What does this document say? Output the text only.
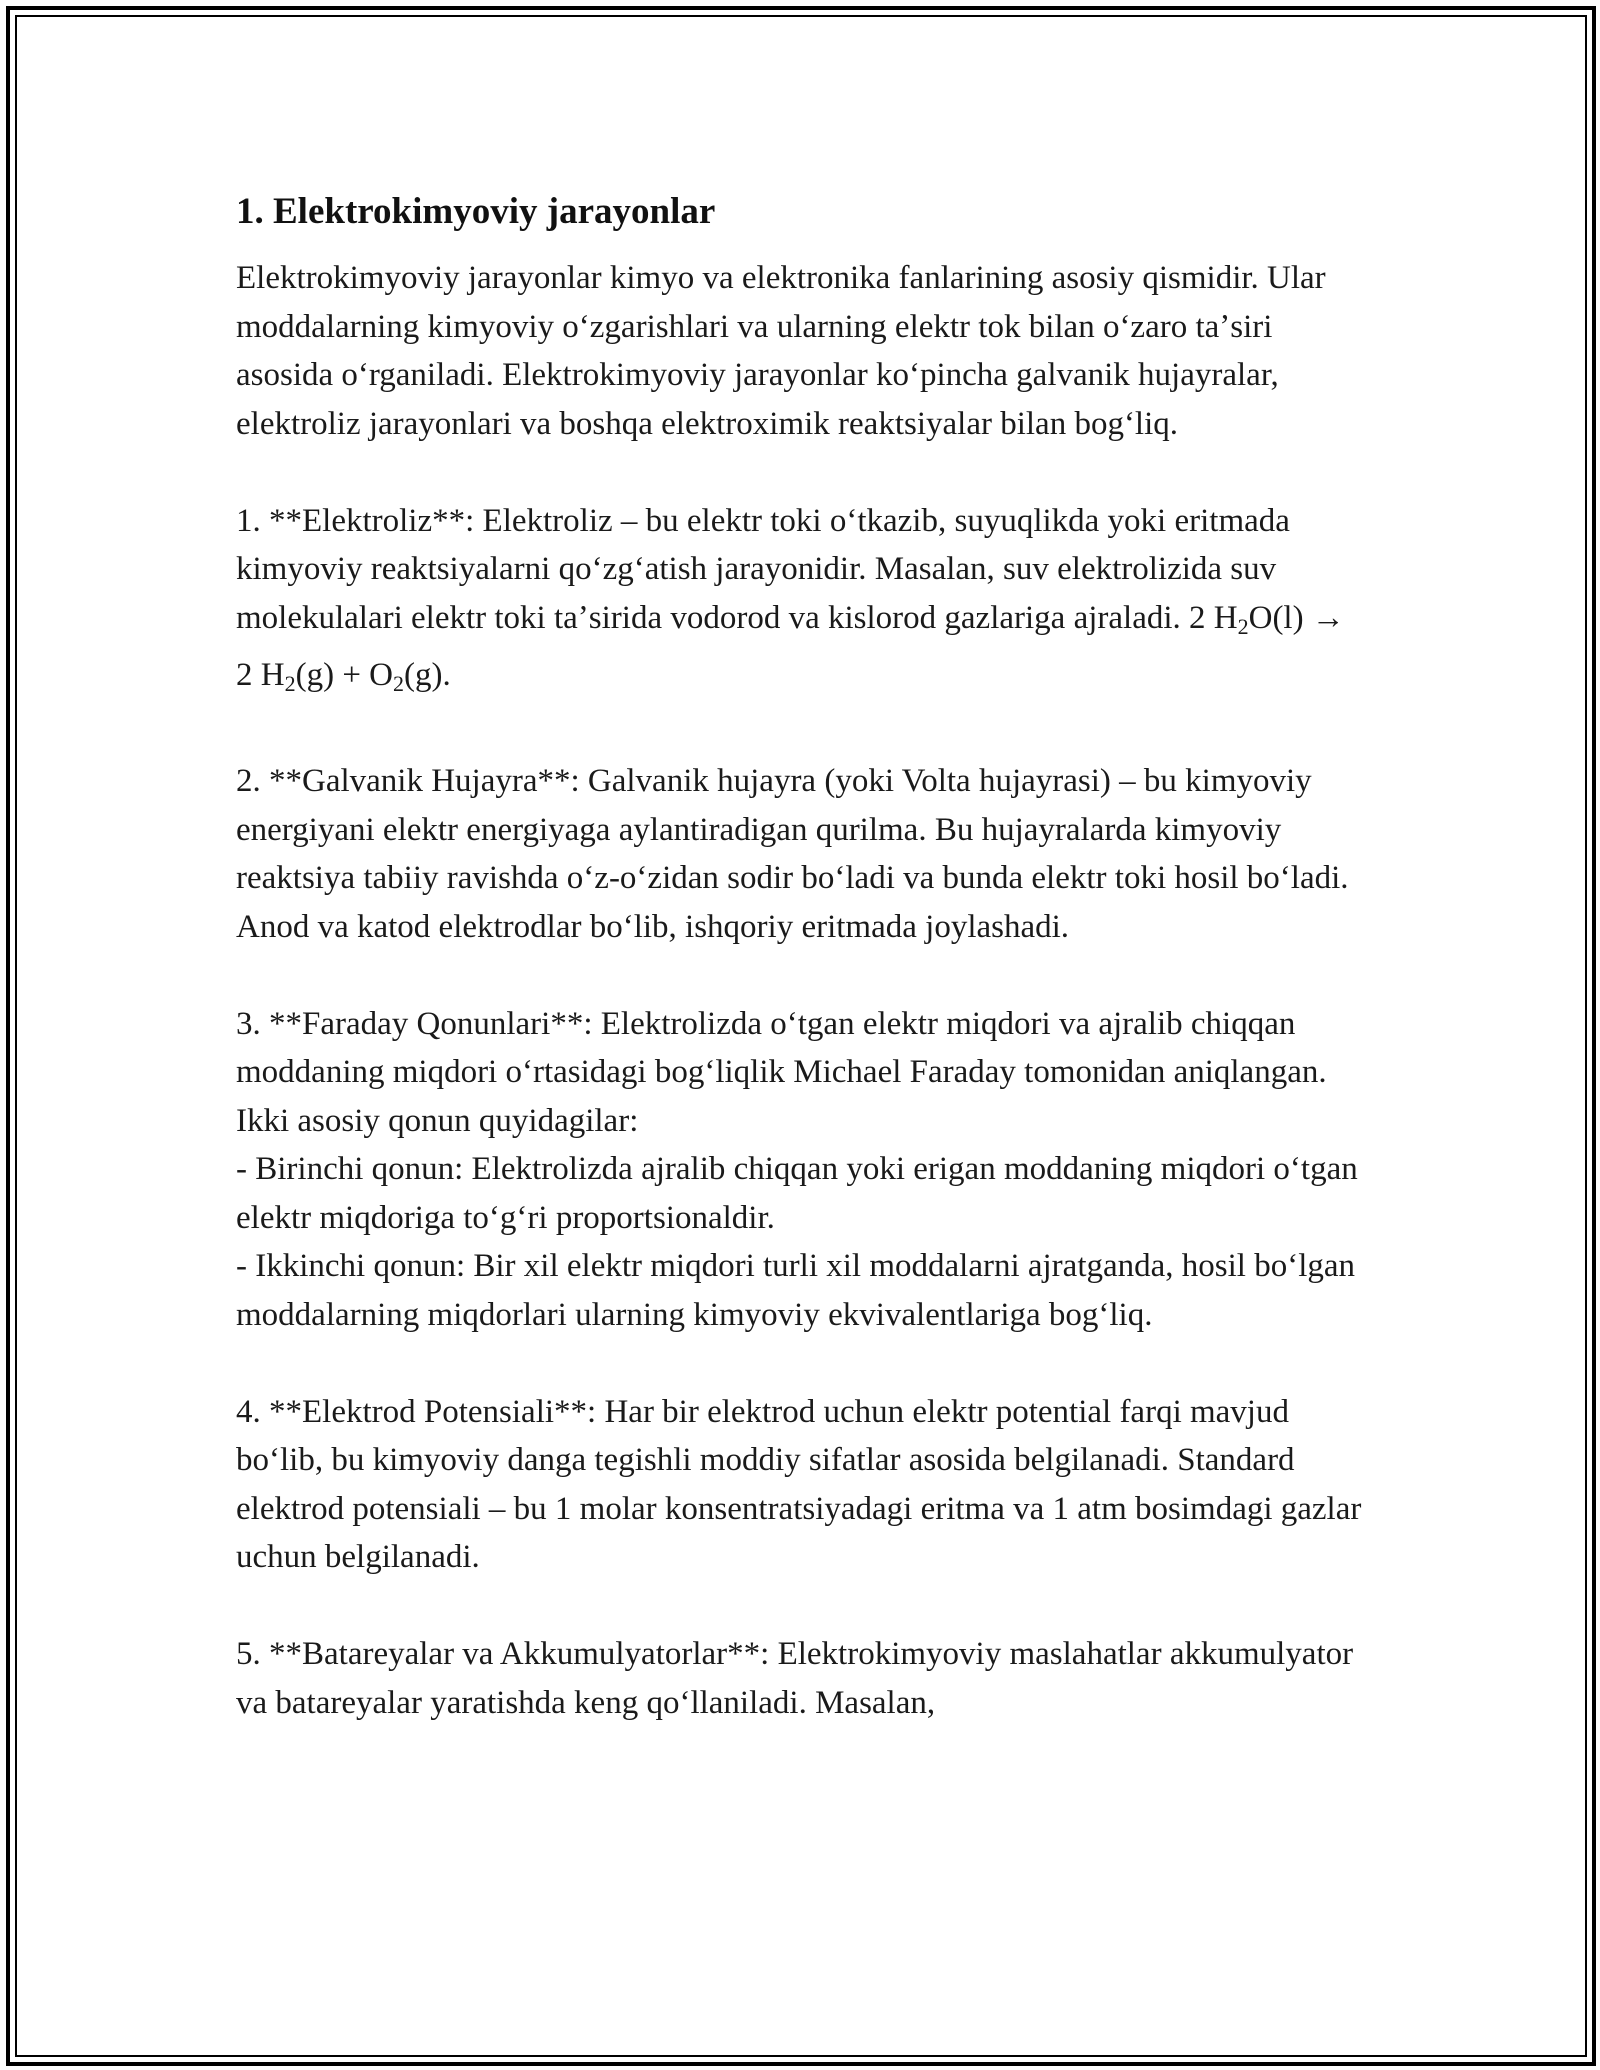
1. Elektrokimyoviy jarayonlar

Elektrokimyoviy jarayonlar kimyo va elektronika fanlarining asosiy qismidir. Ular moddalarning kimyoviy oʻzgarishlari va ularning elektr tok bilan oʻzaro taʼsiri asosida oʻrganiladi. Elektrokimyoviy jarayonlar koʻpincha galvanik hujayralar, elektroliz jarayonlari va boshqa elektroximik reaktsiyalar bilan bogʻliq.

1. **Elektroliz**: Elektroliz – bu elektr toki oʻtkazib, suyuqlikda yoki eritmada kimyoviy reaktsiyalarni qoʻzgʻatish jarayonidir. Masalan, suv elektrolizida suv molekulalari elektr toki taʼsirida vodorod va kislorod gazlariga ajraladi. 2 $H_2O(l) \to 2$ $H_2(g) + O_2(g)$.

2. **Galvanik Hujayra**: Galvanik hujayra (yoki Volta hujayrasi) – bu kimyoviy energiyani elektr energiyaga aylantiradigan qurilma. Bu hujayralarda kimyoviy reaktsiya tabiiy ravishda oʻz-oʻzidan sodir boʻladi va bunda elektr toki hosil boʻladi. Anod va katod elektrodlar boʻlib, ishqoriy eritmada joylashadi.

3. **Faraday Qonunlari**: Elektrolizda oʻtgan elektr miqdori va ajralib chiqqan moddaning miqdori oʻrtasidagi bogʻliqlik Michael Faraday tomonidan aniqlangan. Ikki asosiy qonun quyidagilar:

- Birinchi qonun: Elektrolizda ajralib chiqqan yoki erigan moddaning miqdori oʻtgan elektr miqdoriga toʻgʻri proportsionaldir.

- Ikkinchi qonun: Bir xil elektr miqdori turli xil moddalarni ajratganda, hosil boʻlgan moddalarning miqdorlari ularning kimyoviy ekvivalentlariga bogʻliq.

4. **Elektrod Potensiali**: Har bir elektrod uchun elektr potential farqi mavjud boʻlib, bu kimyoviy danga tegishli moddiy sifatlar asosida belgilanadi. Standard elektrod potensiali – bu 1 molar konsentratsiyadagi eritma va 1 atm bosimdagi gazlar uchun belgilanadi.

5. **Batareyalar va Akkumulyatorlar**: Elektrokimyoviy maslahatlar akkumulyator va batareyalar yaratishda keng qoʻllaniladi. Masalan,
